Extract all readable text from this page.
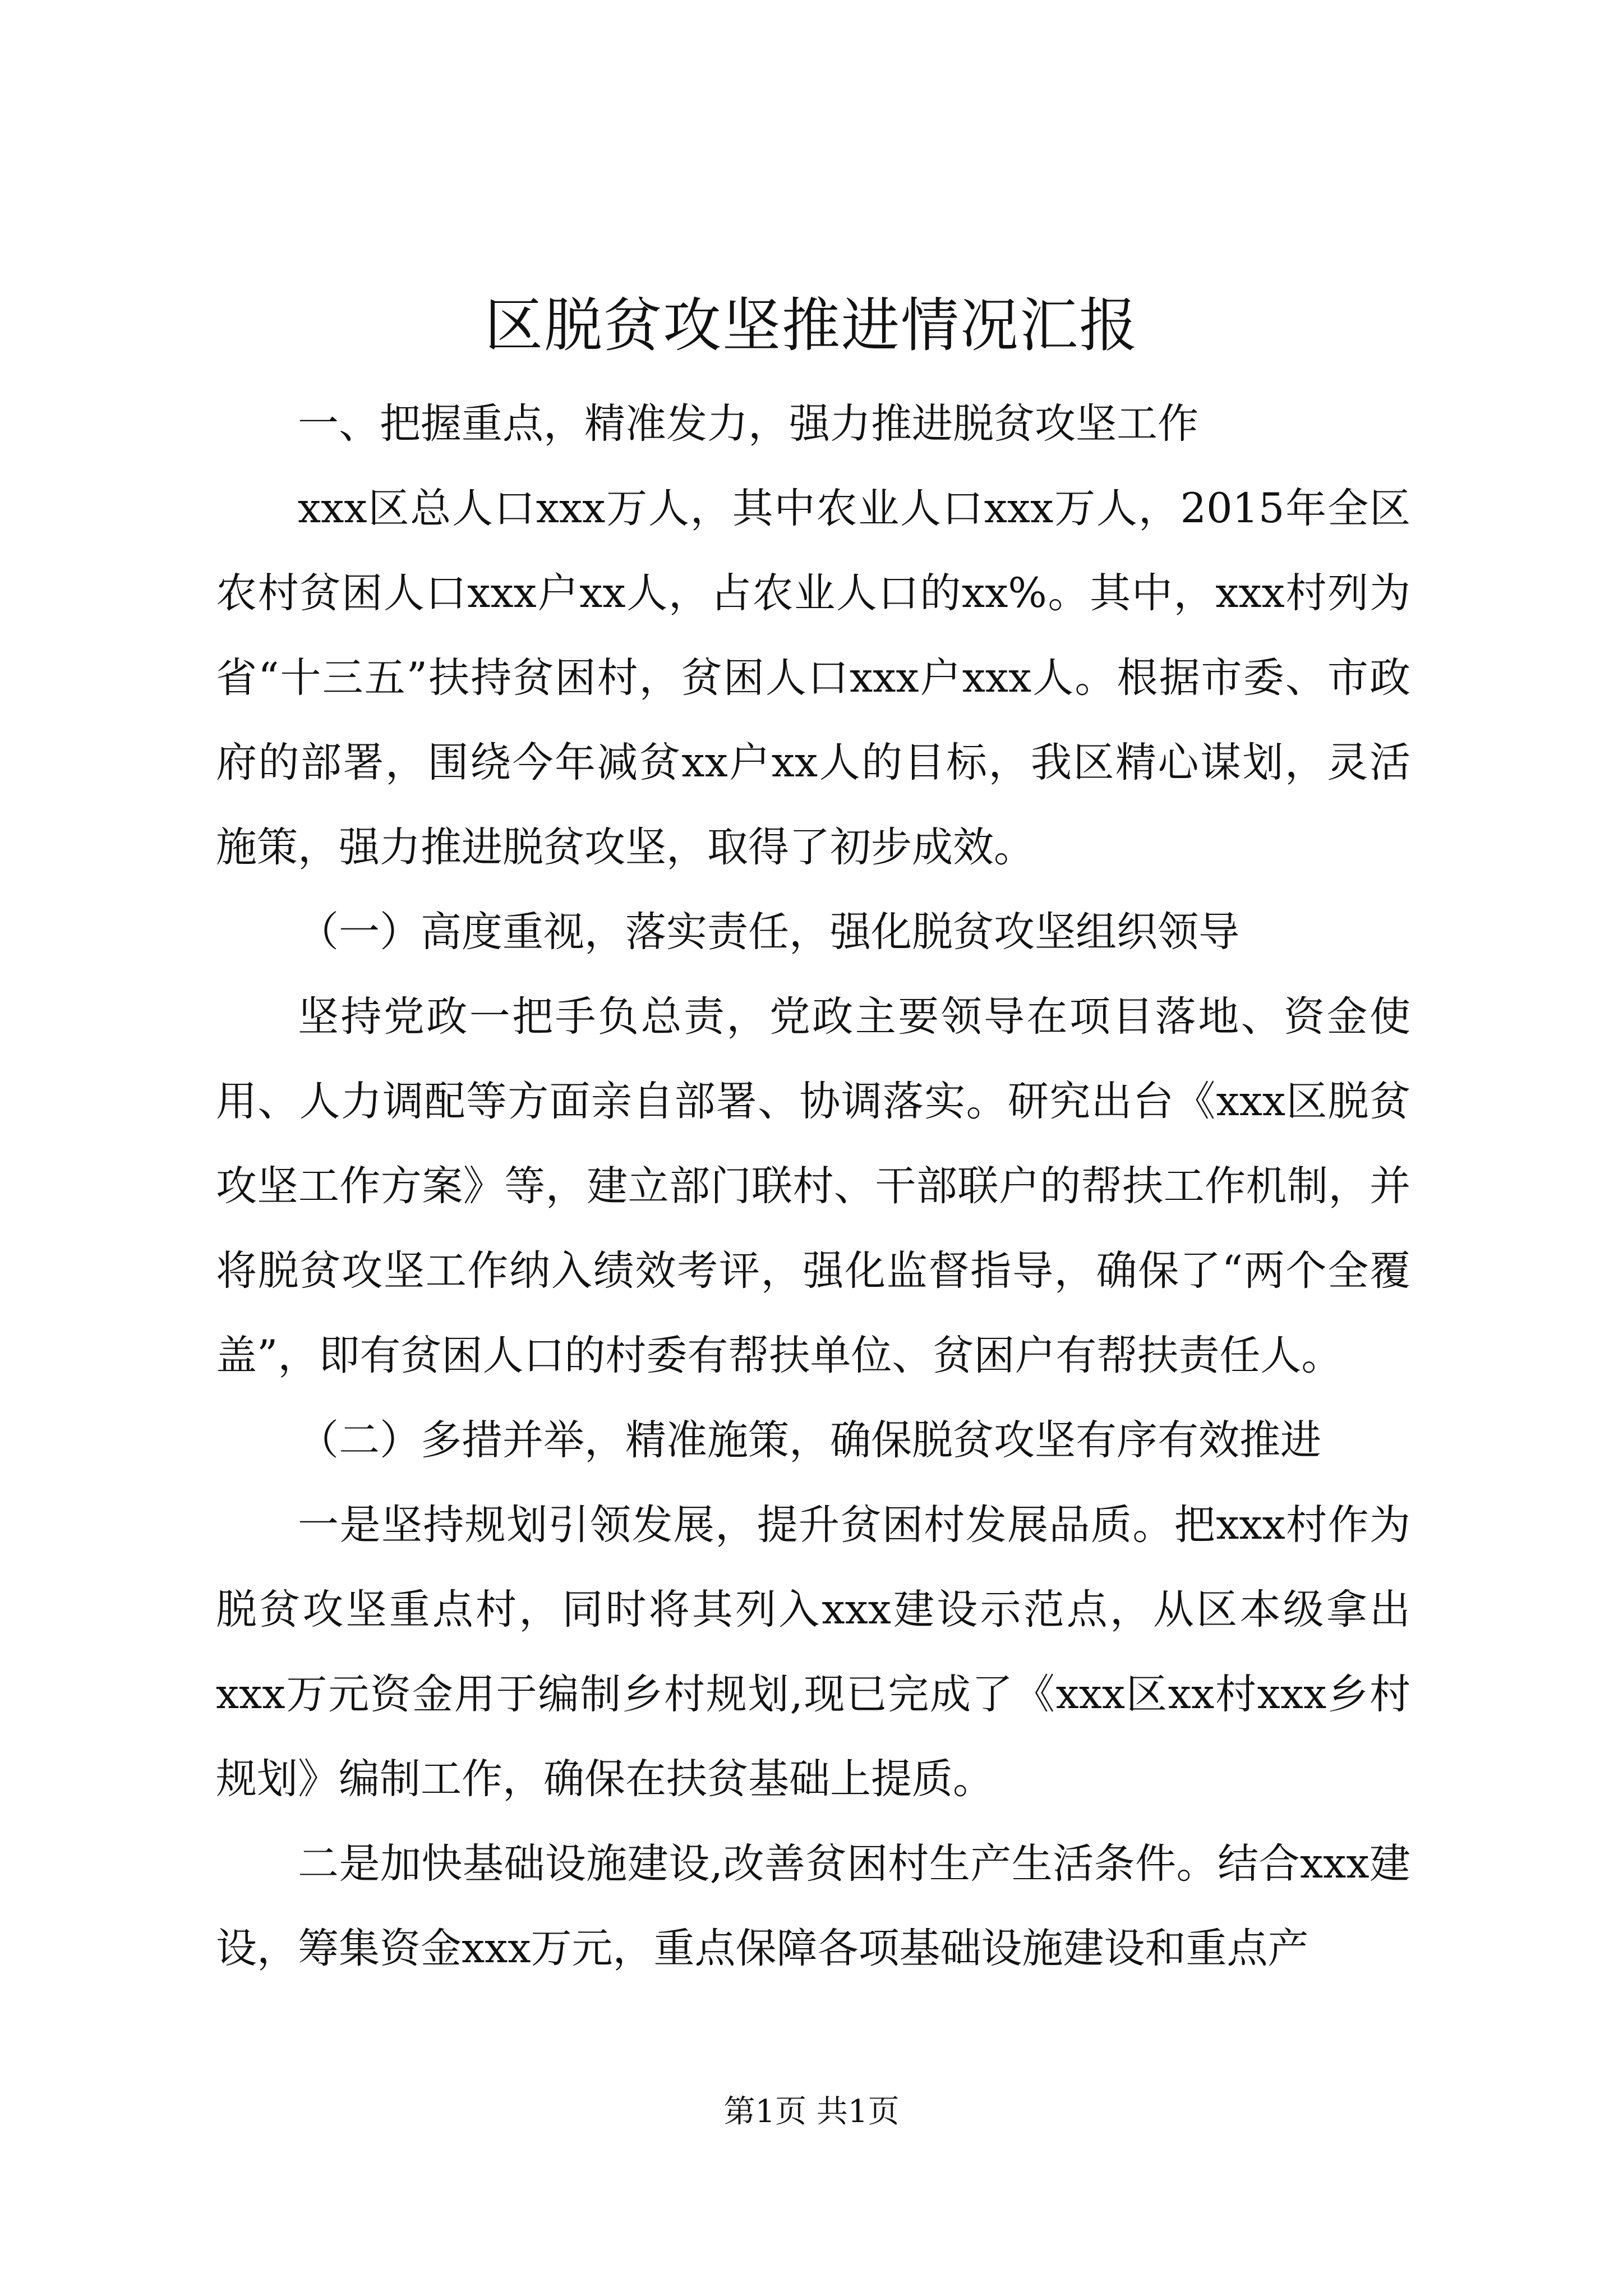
区脱贫攻坚推进情况汇报

一、把握重点，精准发力，强力推进脱贫攻坚工作

xxx区总人口xxx万人，其中农业人口xxx万人，2015年全区农村贫困人口xxx户xx人，占农业人口的xx%。其中，xxx村列为省“十三五”扶持贫困村，贫困人口xxx户xxx人。根据市委、市政府的部署，围绕今年减贫xx户xx人的目标，我区精心谋划，灵活施策，强力推进脱贫攻坚，取得了初步成效。

（一）高度重视，落实责任，强化脱贫攻坚组织领导

坚持党政一把手负总责，党政主要领导在项目落地、资金使用、人力调配等方面亲自部署、协调落实。研究出台《xxx区脱贫攻坚工作方案》等，建立部门联村、干部联户的帮扶工作机制，并将脱贫攻坚工作纳入绩效考评，强化监督指导，确保了“两个全覆盖”，即有贫困人口的村委有帮扶单位、贫困户有帮扶责任人。

（二）多措并举，精准施策，确保脱贫攻坚有序有效推进

一是坚持规划引领发展，提升贫困村发展品质。把xxx村作为脱贫攻坚重点村，同时将其列入xxx建设示范点，从区本级拿出xxx万元资金用于编制乡村规划,现已完成了《xxx区xx村xxx乡村规划》编制工作，确保在扶贫基础上提质。

二是加快基础设施建设,改善贫困村生产生活条件。结合xxx建设，筹集资金xxx万元，重点保障各项基础设施建设和重点产

第1页 共1页
